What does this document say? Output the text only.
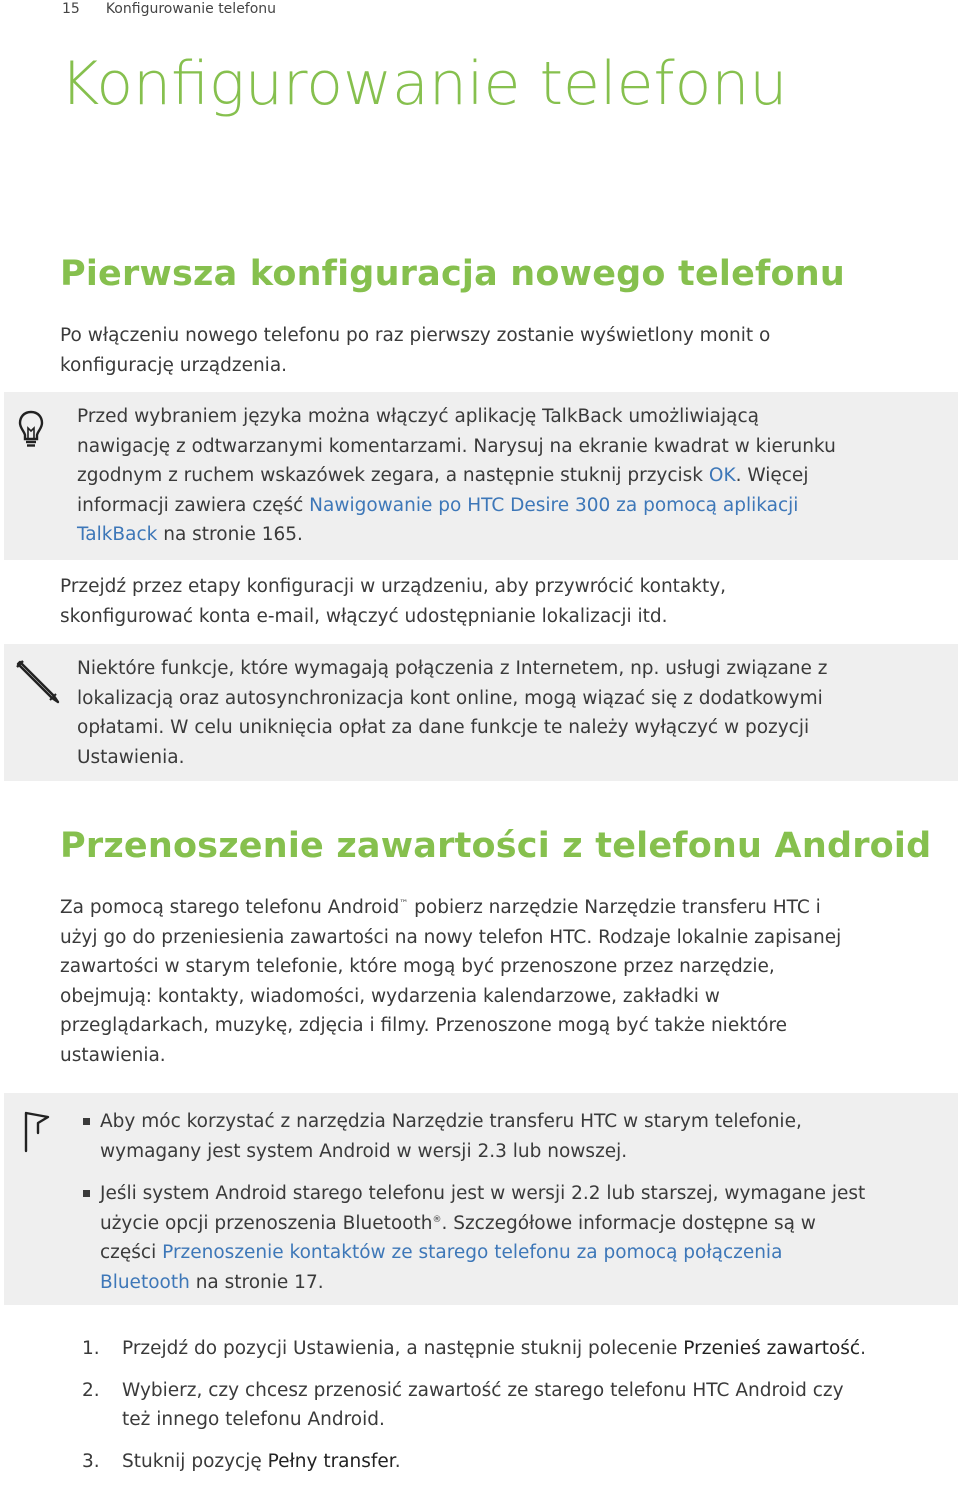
15 Konfigurowanie telefonu
Konfigurowanie telefonu
Pierwsza konfiguracja nowego telefonu

Po włączeniu nowego telefonu po raz pierwszy zostanie wyświetlony monit o
konfigurację urządzenia.

Przed wybraniem języka można włączyć aplikację TalkBack umożliwiającą
nawigację z odtwarzanymi komentarzami. Narysuj na ekranie kwadrat w kierunku
zgodnym z ruchem wskazówek zegara, a następnie stuknij przycisk OK. Więcej
informacji zawiera część Nawigowanie po HTC Desire 300 za pomocą aplikacji
TalkBack na stronie 165.

Przejdź przez etapy konfiguracji w urządzeniu, aby przywrócić kontakty,
skonfigurować konta e-mail, włączyć udostępnianie lokalizacji itd.

Niektóre funkcje, które wymagają połączenia z Internetem, np. usługi związane z
lokalizacją oraz autosynchronizacja kont online, mogą wiązać się z dodatkowymi
opłatami. W celu uniknięcia opłat za dane funkcje te należy wyłączyć w pozycji
Ustawienia.

Przenoszenie zawartości z telefonu Android

Za pomocą starego telefonu Android™ pobierz narzędzie Narzędzie transferu HTC i
użyj go do przeniesienia zawartości na nowy telefon HTC. Rodzaje lokalnie zapisanej
zawartości w starym telefonie, które mogą być przenoszone przez narzędzie,
obejmują: kontakty, wiadomości, wydarzenia kalendarzowe, zakładki w
przeglądarkach, muzykę, zdjęcia i filmy. Przenoszone mogą być także niektóre
ustawienia.

Aby móc korzystać z narzędzia Narzędzie transferu HTC w starym telefonie,
wymagany jest system Android w wersji 2.3 lub nowszej.
Jeśli system Android starego telefonu jest w wersji 2.2 lub starszej, wymagane jest
użycie opcji przenoszenia Bluetooth®. Szczegółowe informacje dostępne są w
części Przenoszenie kontaktów ze starego telefonu za pomocą połączenia
Bluetooth na stronie 17.
1. Przejdź do pozycji Ustawienia, a następnie stuknij polecenie Przenieś zawartość.
2. Wybierz, czy chcesz przenosić zawartość ze starego telefonu HTC Android czy
też innego telefonu Android.
3. Stuknij pozycję Pełny transfer.
